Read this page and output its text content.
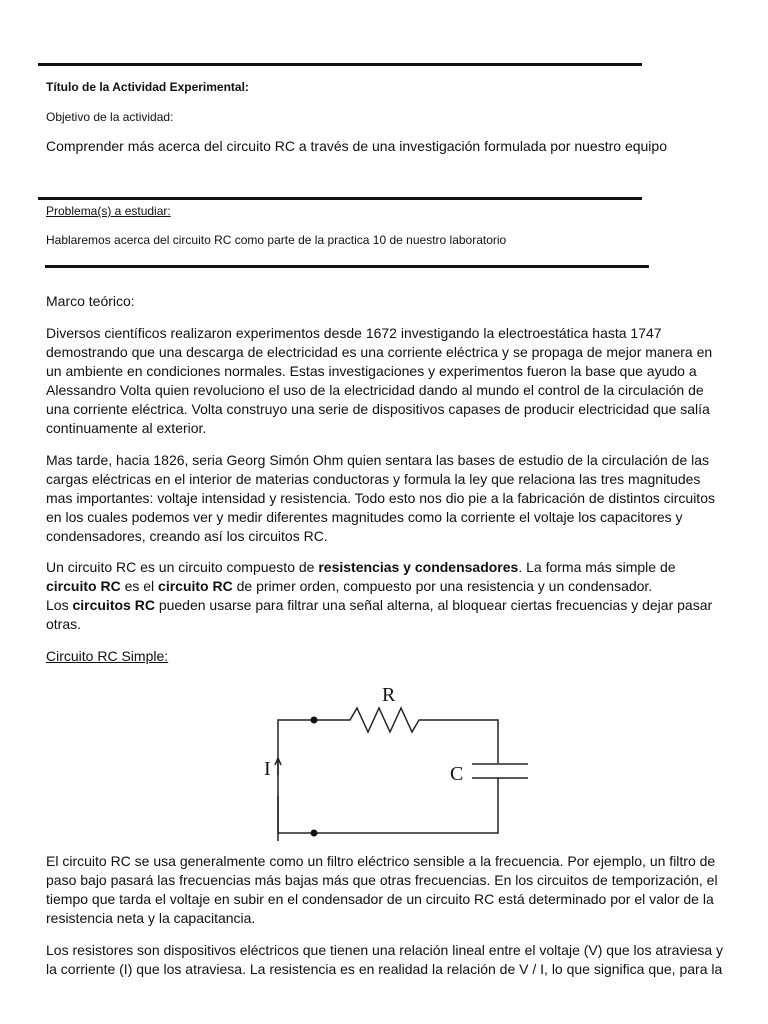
Título de la Actividad Experimental:
Objetivo de la actividad:
Comprender más acerca del circuito RC a través de una investigación formulada por nuestro equipo
Problema(s) a estudiar:
Hablaremos acerca del circuito RC como parte de la practica 10 de nuestro laboratorio
Marco teórico:
Diversos científicos realizaron experimentos desde 1672 investigando la electroestática hasta 1747 demostrando que una descarga de electricidad es una corriente eléctrica y se propaga de mejor manera en un ambiente en condiciones normales. Estas investigaciones y experimentos fueron la base que ayudo a Alessandro Volta quien revoluciono el uso de la electricidad dando al mundo el control de la circulación de una corriente eléctrica. Volta construyo una serie de dispositivos capases de producir electricidad que salía continuamente al exterior.
Mas tarde, hacia 1826, seria Georg Simón Ohm quien sentara las bases de estudio de la circulación de las cargas eléctricas en el interior de materias conductoras y formula la ley que relaciona las tres magnitudes mas importantes: voltaje intensidad y resistencia. Todo esto nos dio pie a la fabricación de distintos circuitos en los cuales podemos ver y medir diferentes magnitudes como la corriente el voltaje los capacitores y condensadores, creando así los circuitos RC.
Un circuito RC es un circuito compuesto de resistencias y condensadores. La forma más simple de circuito RC es el circuito RC de primer orden, compuesto por una resistencia y un condensador.
Los circuitos RC pueden usarse para filtrar una señal alterna, al bloquear ciertas frecuencias y dejar pasar otras.
Circuito RC Simple:
R
C
I
El circuito RC se usa generalmente como un filtro eléctrico sensible a la frecuencia. Por ejemplo, un filtro de paso bajo pasará las frecuencias más bajas más que otras frecuencias. En los circuitos de temporización, el tiempo que tarda el voltaje en subir en el condensador de un circuito RC está determinado por el valor de la resistencia neta y la capacitancia.
Los resistores son dispositivos eléctricos que tienen una relación lineal entre el voltaje (V) que los atraviesa y la corriente (I) que los atraviesa. La resistencia es en realidad la relación de V / I, lo que significa que, para la
